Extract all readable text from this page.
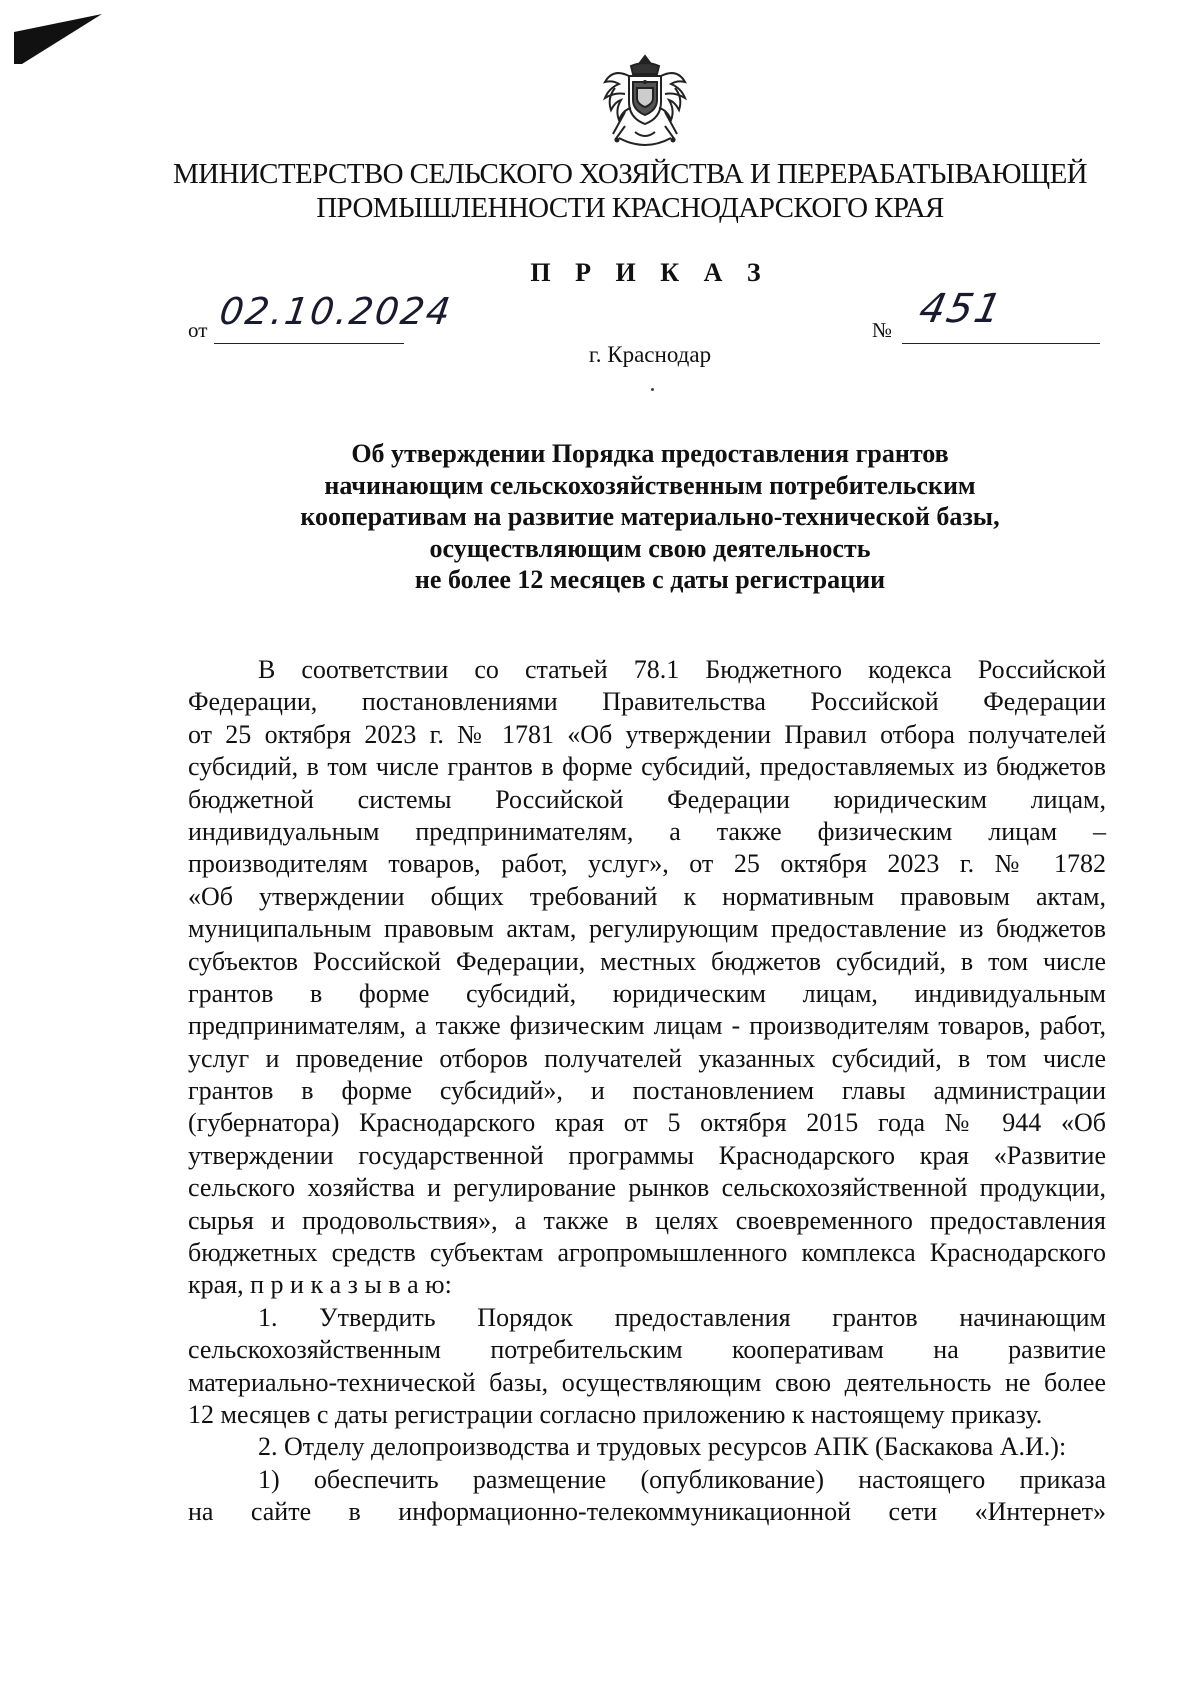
МИНИСТЕРСТВО СЕЛЬСКОГО ХОЗЯЙСТВА И ПЕРЕРАБАТЫВАЮЩЕЙ
ПРОМЫШЛЕННОСТИ КРАСНОДАРСКОГО КРАЯ
П Р И К А З
от 02.10.2024	№ 451
г. Краснодар
Об утверждении Порядка предоставления грантов
начинающим сельскохозяйственным потребительским
кооперативам на развитие материально-технической базы,
осуществляющим свою деятельность
не более 12 месяцев с даты регистрации
В соответствии со статьей 78.1 Бюджетного кодекса Российской
Федерации, постановлениями Правительства Российской Федерации
от 25 октября 2023 г. № 1781 «Об утверждении Правил отбора получателей
субсидий, в том числе грантов в форме субсидий, предоставляемых из бюджетов
бюджетной системы Российской Федерации юридическим лицам,
индивидуальным предпринимателям, а также физическим лицам –
производителям товаров, работ, услуг», от 25 октября 2023 г. № 1782
«Об утверждении общих требований к нормативным правовым актам,
муниципальным правовым актам, регулирующим предоставление из бюджетов
субъектов Российской Федерации, местных бюджетов субсидий, в том числе
грантов в форме субсидий, юридическим лицам, индивидуальным
предпринимателям, а также физическим лицам - производителям товаров, работ,
услуг и проведение отборов получателей указанных субсидий, в том числе
грантов в форме субсидий», и постановлением главы администрации
(губернатора) Краснодарского края от 5 октября 2015 года № 944 «Об
утверждении государственной программы Краснодарского края «Развитие
сельского хозяйства и регулирование рынков сельскохозяйственной продукции,
сырья и продовольствия», а также в целях своевременного предоставления
бюджетных средств субъектам агропромышленного комплекса Краснодарского
края, п р и к а з ы в а ю:
1. Утвердить Порядок предоставления грантов начинающим
сельскохозяйственным потребительским кооперативам на развитие
материально-технической базы, осуществляющим свою деятельность не более
12 месяцев с даты регистрации согласно приложению к настоящему приказу.
2. Отделу делопроизводства и трудовых ресурсов АПК (Баскакова А.И.):
1) обеспечить размещение (опубликование) настоящего приказа
на сайте в информационно-телекоммуникационной сети «Интернет»
